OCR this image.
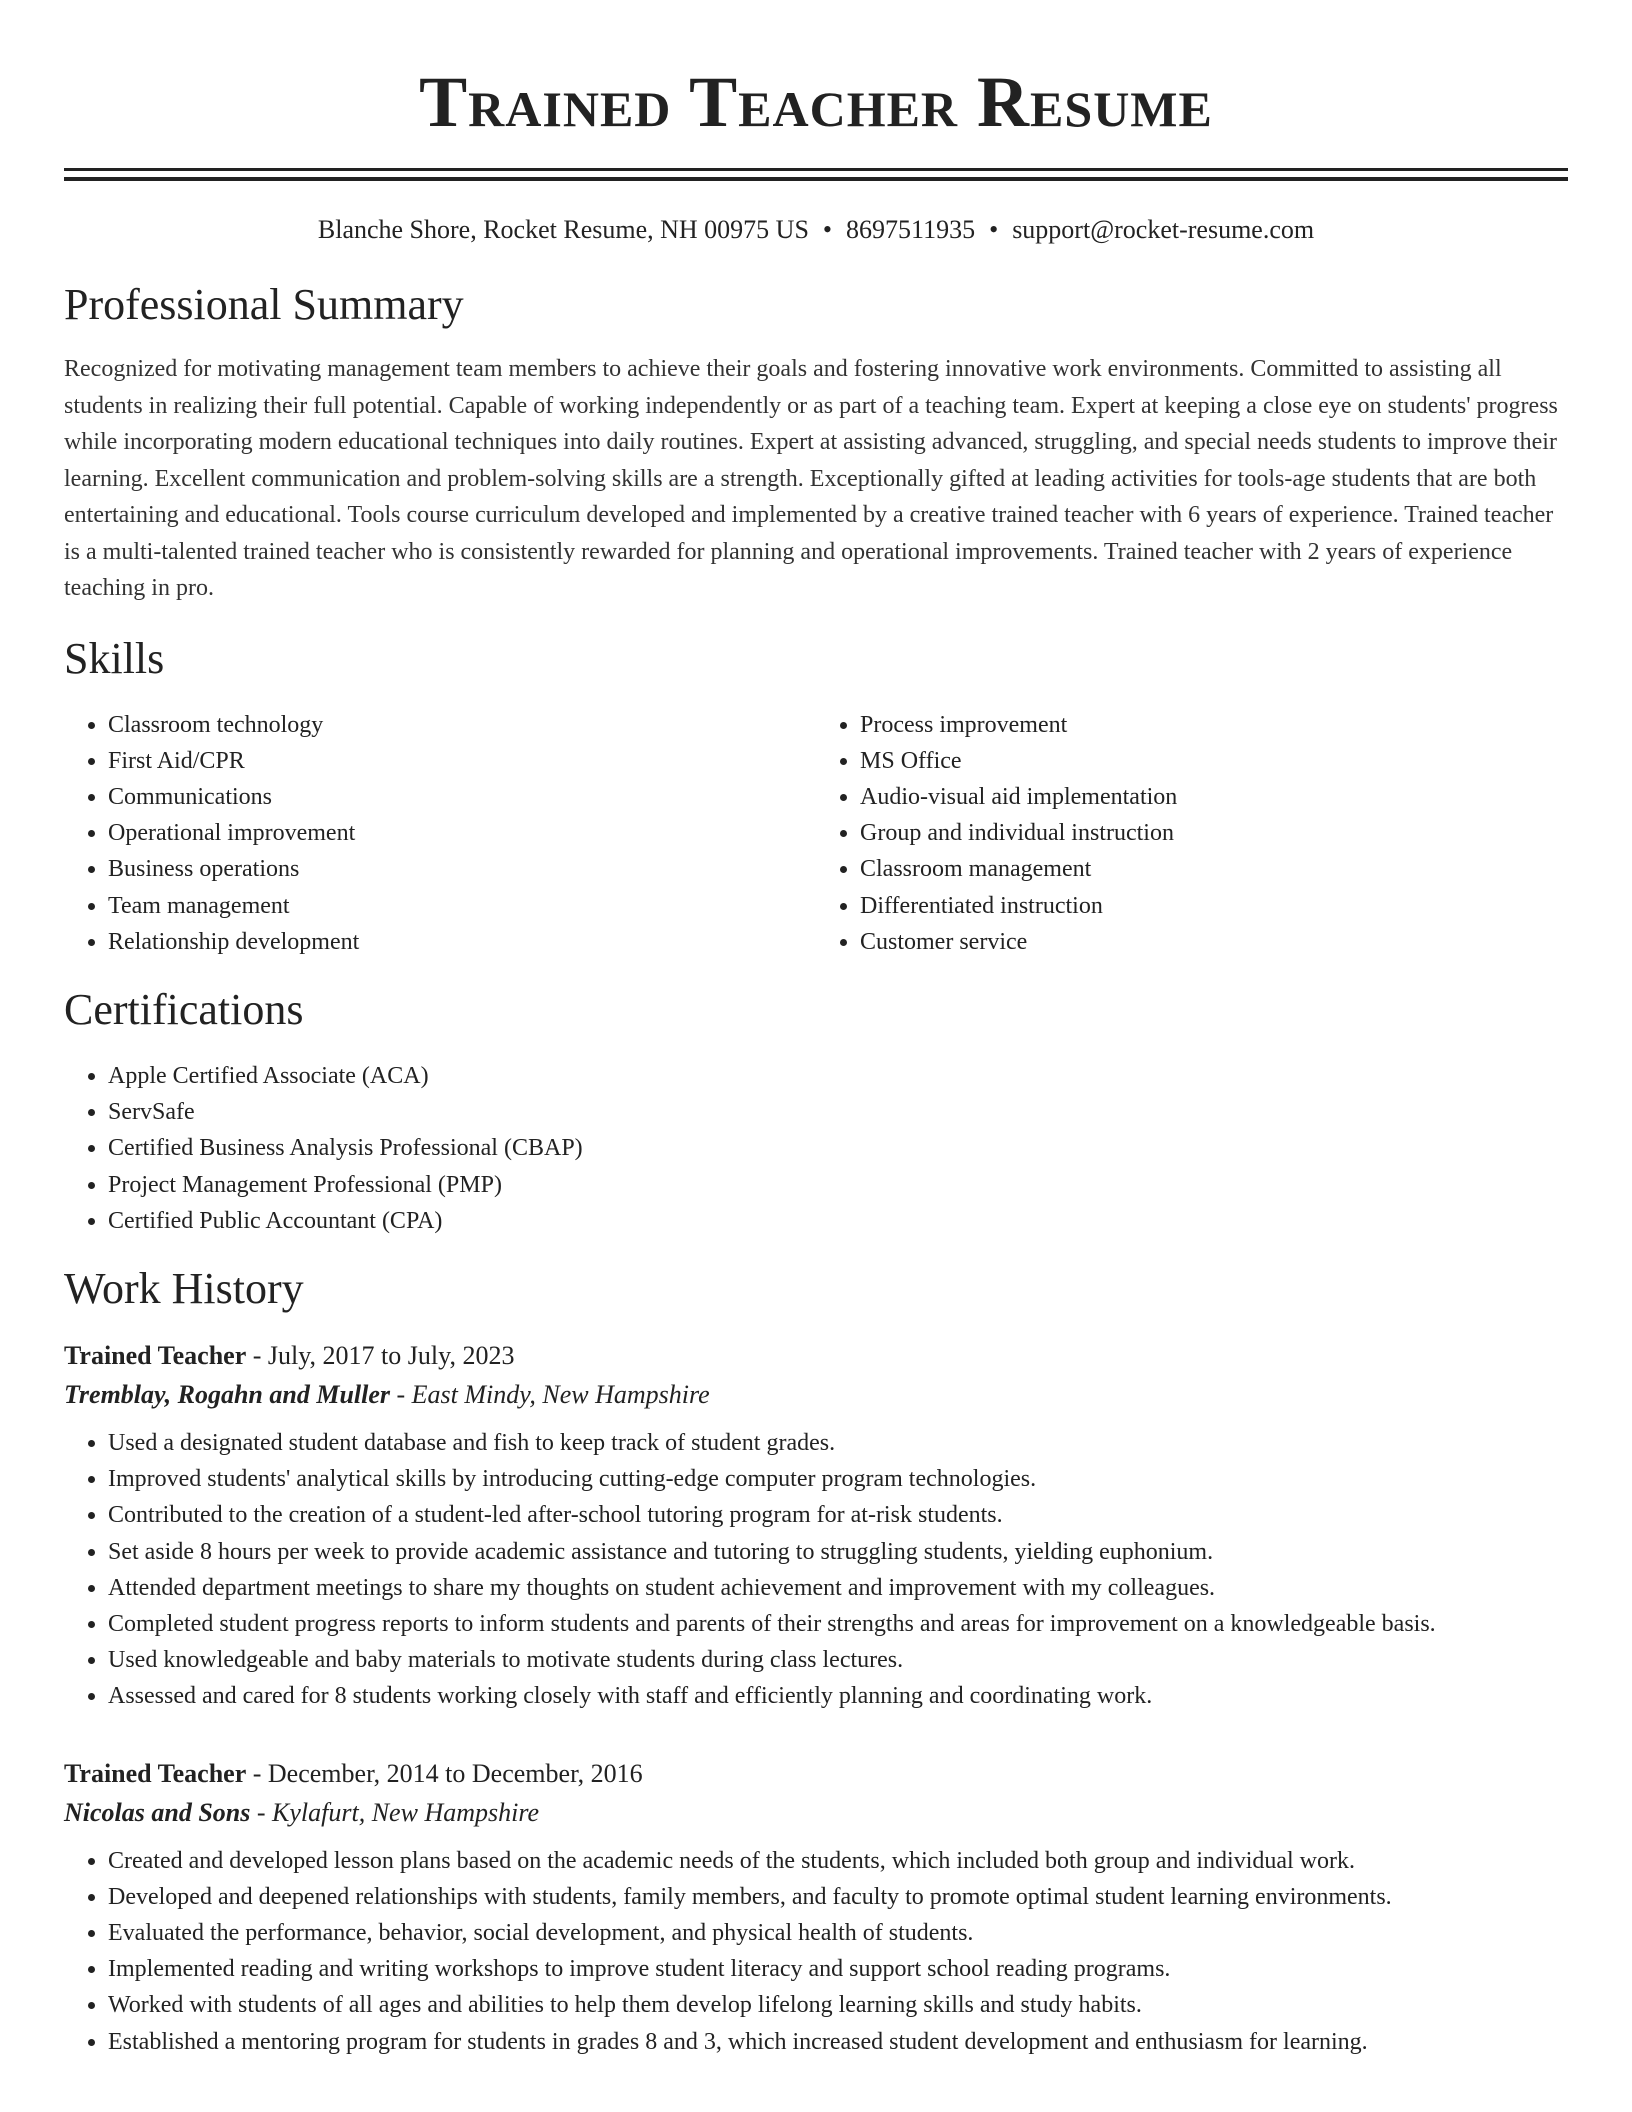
Trained Teacher Resume
Blanche Shore, Rocket Resume, NH 00975 US • 8697511935 • support@rocket-resume.com
Professional Summary

Recognized for motivating management team members to achieve their goals and fostering innovative work environments. Committed to assisting all students in realizing their full potential. Capable of working independently or as part of a teaching team. Expert at keeping a close eye on students' progress while incorporating modern educational techniques into daily routines. Expert at assisting advanced, struggling, and special needs students to improve their learning. Excellent communication and problem-solving skills are a strength. Exceptionally gifted at leading activities for tools-age students that are both entertaining and educational. Tools course curriculum developed and implemented by a creative trained teacher with 6 years of experience. Trained teacher is a multi-talented trained teacher who is consistently rewarded for planning and operational improvements. Trained teacher with 2 years of experience teaching in pro.

Skills
• Classroom technology
• First Aid/CPR
• Communications
• Operational improvement
• Business operations
• Team management
• Relationship development
• Process improvement
• MS Office
• Audio-visual aid implementation
• Group and individual instruction
• Classroom management
• Differentiated instruction
• Customer service
Certifications
• Apple Certified Associate (ACA)
• ServSafe
• Certified Business Analysis Professional (CBAP)
• Project Management Professional (PMP)
• Certified Public Accountant (CPA)
Work History
Trained Teacher - July, 2017 to July, 2023
Tremblay, Rogahn and Muller - East Mindy, New Hampshire
• Used a designated student database and fish to keep track of student grades.
• Improved students' analytical skills by introducing cutting-edge computer program technologies.
• Contributed to the creation of a student-led after-school tutoring program for at-risk students.
• Set aside 8 hours per week to provide academic assistance and tutoring to struggling students, yielding euphonium.
• Attended department meetings to share my thoughts on student achievement and improvement with my colleagues.
• Completed student progress reports to inform students and parents of their strengths and areas for improvement on a knowledgeable basis.
• Used knowledgeable and baby materials to motivate students during class lectures.
• Assessed and cared for 8 students working closely with staff and efficiently planning and coordinating work.
Trained Teacher - December, 2014 to December, 2016
Nicolas and Sons - Kylafurt, New Hampshire
• Created and developed lesson plans based on the academic needs of the students, which included both group and individual work.
• Developed and deepened relationships with students, family members, and faculty to promote optimal student learning environments.
• Evaluated the performance, behavior, social development, and physical health of students.
• Implemented reading and writing workshops to improve student literacy and support school reading programs.
• Worked with students of all ages and abilities to help them develop lifelong learning skills and study habits.
• Established a mentoring program for students in grades 8 and 3, which increased student development and enthusiasm for learning.
